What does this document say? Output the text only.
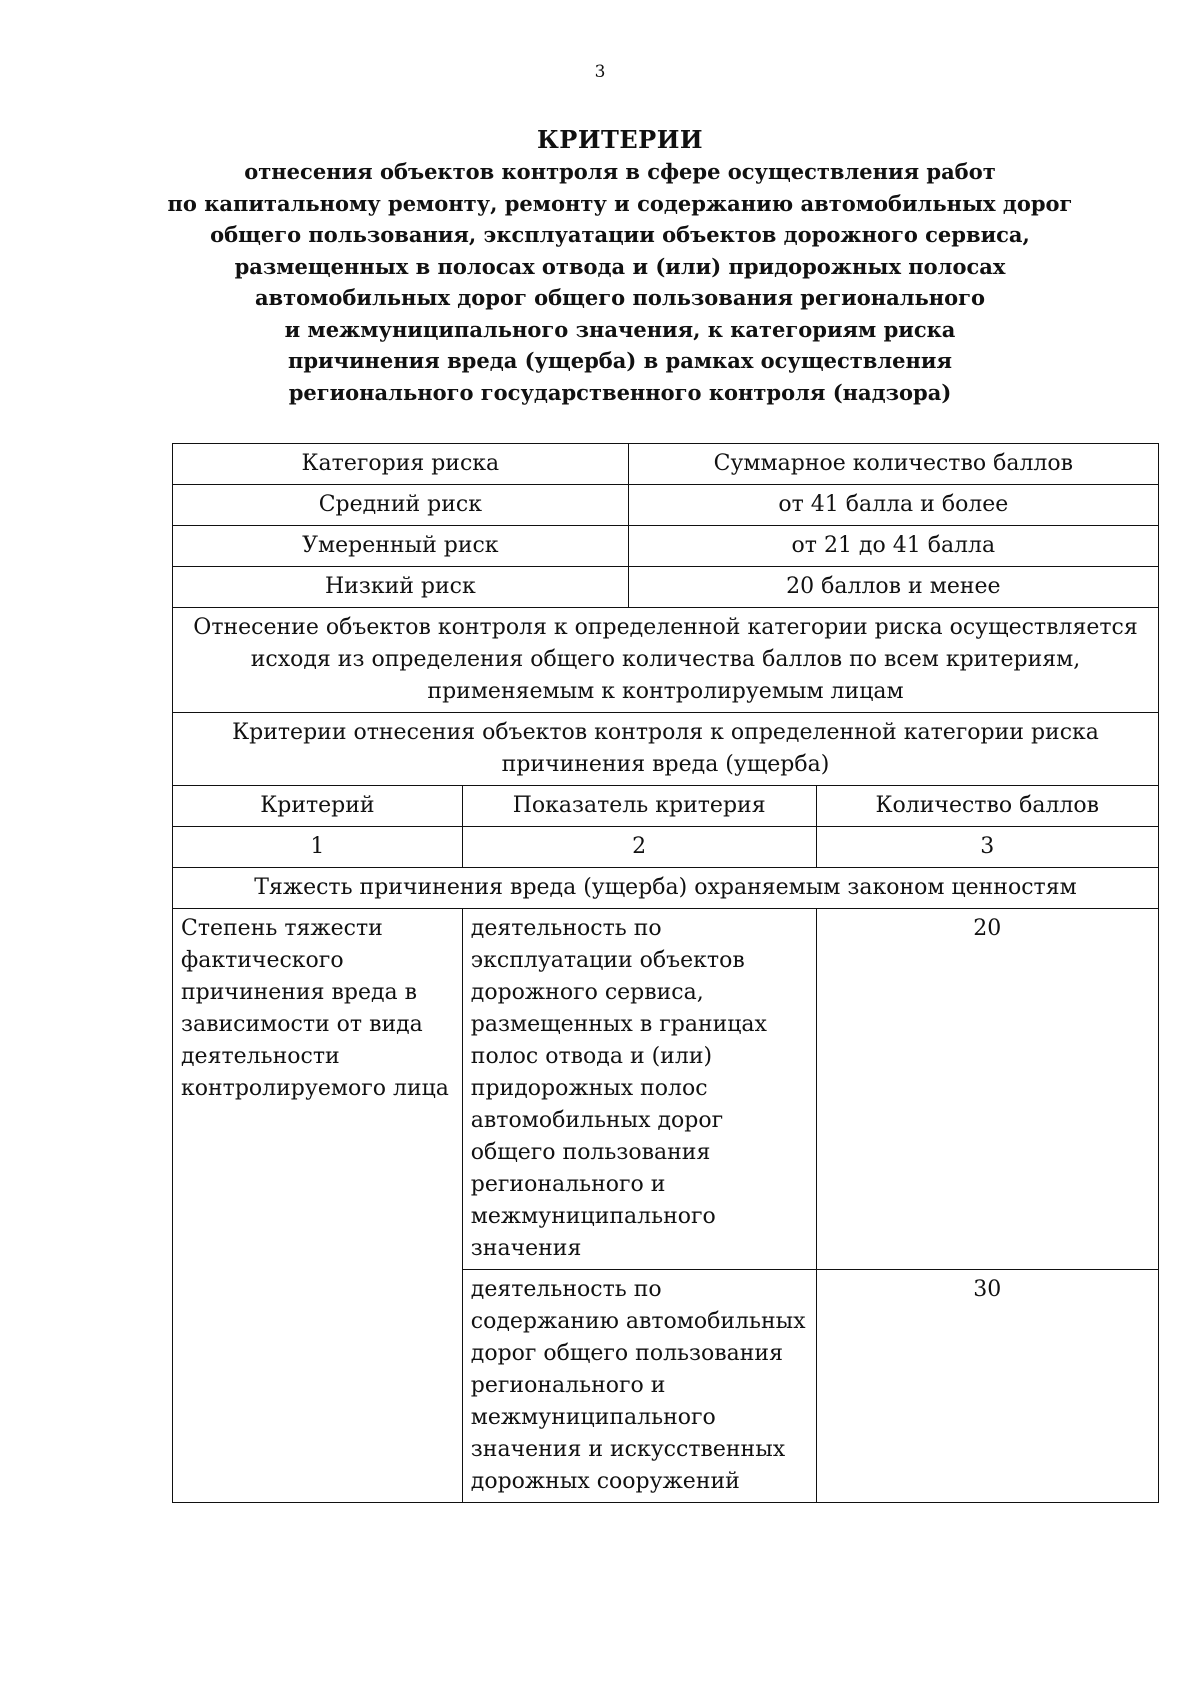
3
КРИТЕРИИ
отнесения объектов контроля в сфере осуществления работ
по капитальному ремонту, ремонту и содержанию автомобильных дорог
общего пользования, эксплуатации объектов дорожного сервиса,
размещенных в полосах отвода и (или) придорожных полосах
автомобильных дорог общего пользования регионального
и межмуниципального значения, к категориям риска
причинения вреда (ущерба) в рамках осуществления
регионального государственного контроля (надзора)
Категория риска		Суммарное количество баллов	
Средний риск		от 41 балла и более	
Умеренный риск		от 21 до 41 балла	
Низкий риск		20 баллов и менее	
Отнесение объектов контроля к определенной категории риска осуществляется исходя из определения общего количества баллов по всем критериям, применяемым к контролируемым лицам			
Критерии отнесения объектов контроля к определенной категории риска причинения вреда (ущерба)			
Критерий	Показатель критерия		Количество баллов
1	2		3
Тяжесть причинения вреда (ущерба) охраняемым законом ценностям			
Степень тяжести фактического причинения вреда в зависимости от вида деятельности контролируемого лица	деятельность по эксплуатации объектов дорожного сервиса, размещенных в границах полос отвода и (или) придорожных полос автомобильных дорог общего пользования регионального и межмуниципального значения		20
	деятельность по содержанию автомобильных дорог общего пользования регионального и межмуниципального значения и искусственных дорожных сооружений		30
